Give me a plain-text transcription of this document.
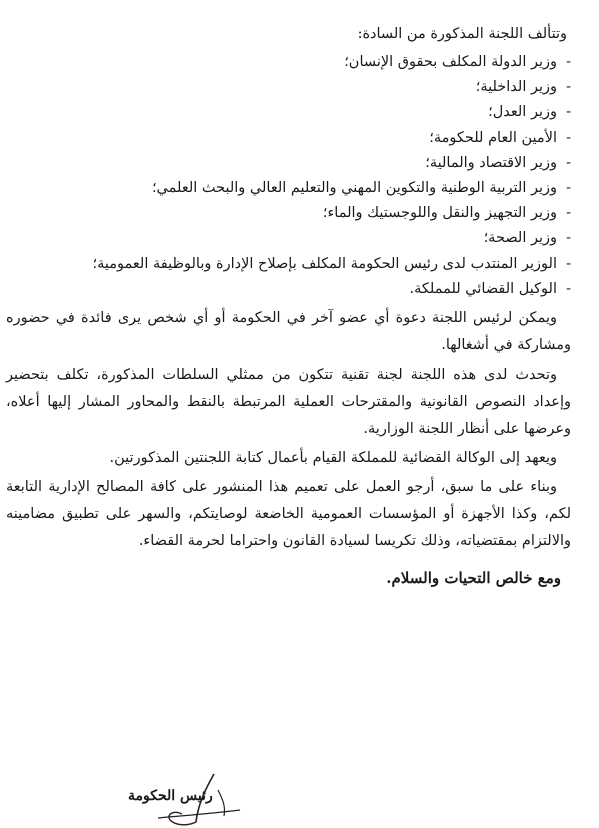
وتتألف اللجنة المذكورة من السادة:

-
وزير الدولة المكلف بحقوق الإنسان؛
-
وزير الداخلية؛
-
وزير العدل؛
-
الأمين العام للحكومة؛
-
وزير الاقتصاد والمالية؛
-
وزير التربية الوطنية والتكوين المهني والتعليم العالي والبحث العلمي؛
-
وزير التجهيز والنقل واللوجستيك والماء؛
-
وزير الصحة؛
-
الوزير المنتدب لدى رئيس الحكومة المكلف بإصلاح الإدارة وبالوظيفة العمومية؛
-
الوكيل القضائي للمملكة.

ويمكن لرئيس اللجنة دعوة أي عضو آخر في الحكومة أو أي شخص يرى فائدة في حضوره ومشاركة في أشغالها.

وتحدث لدى هذه اللجنة لجنة تقنية تتكون من ممثلي السلطات المذكورة، تكلف بتحضير وإعداد النصوص القانونية والمقترحات العملية المرتبطة بالنقط والمحاور المشار إليها أعلاه، وعرضها على أنظار اللجنة الوزارية.

ويعهد إلى الوكالة القضائية للمملكة القيام بأعمال كتابة اللجنتين المذكورتين.

وبناء على ما سبق، أرجو العمل على تعميم هذا المنشور على كافة المصالح الإدارية التابعة لكم، وكذا الأجهزة أو المؤسسات العمومية الخاضعة لوصايتكم، والسهر على تطبيق مضامينه والالتزام بمقتضياته، وذلك تكريسا لسيادة القانون واحتراما لحرمة القضاء.

ومع خالص التحيات والسلام.

رئيس الحكومة
